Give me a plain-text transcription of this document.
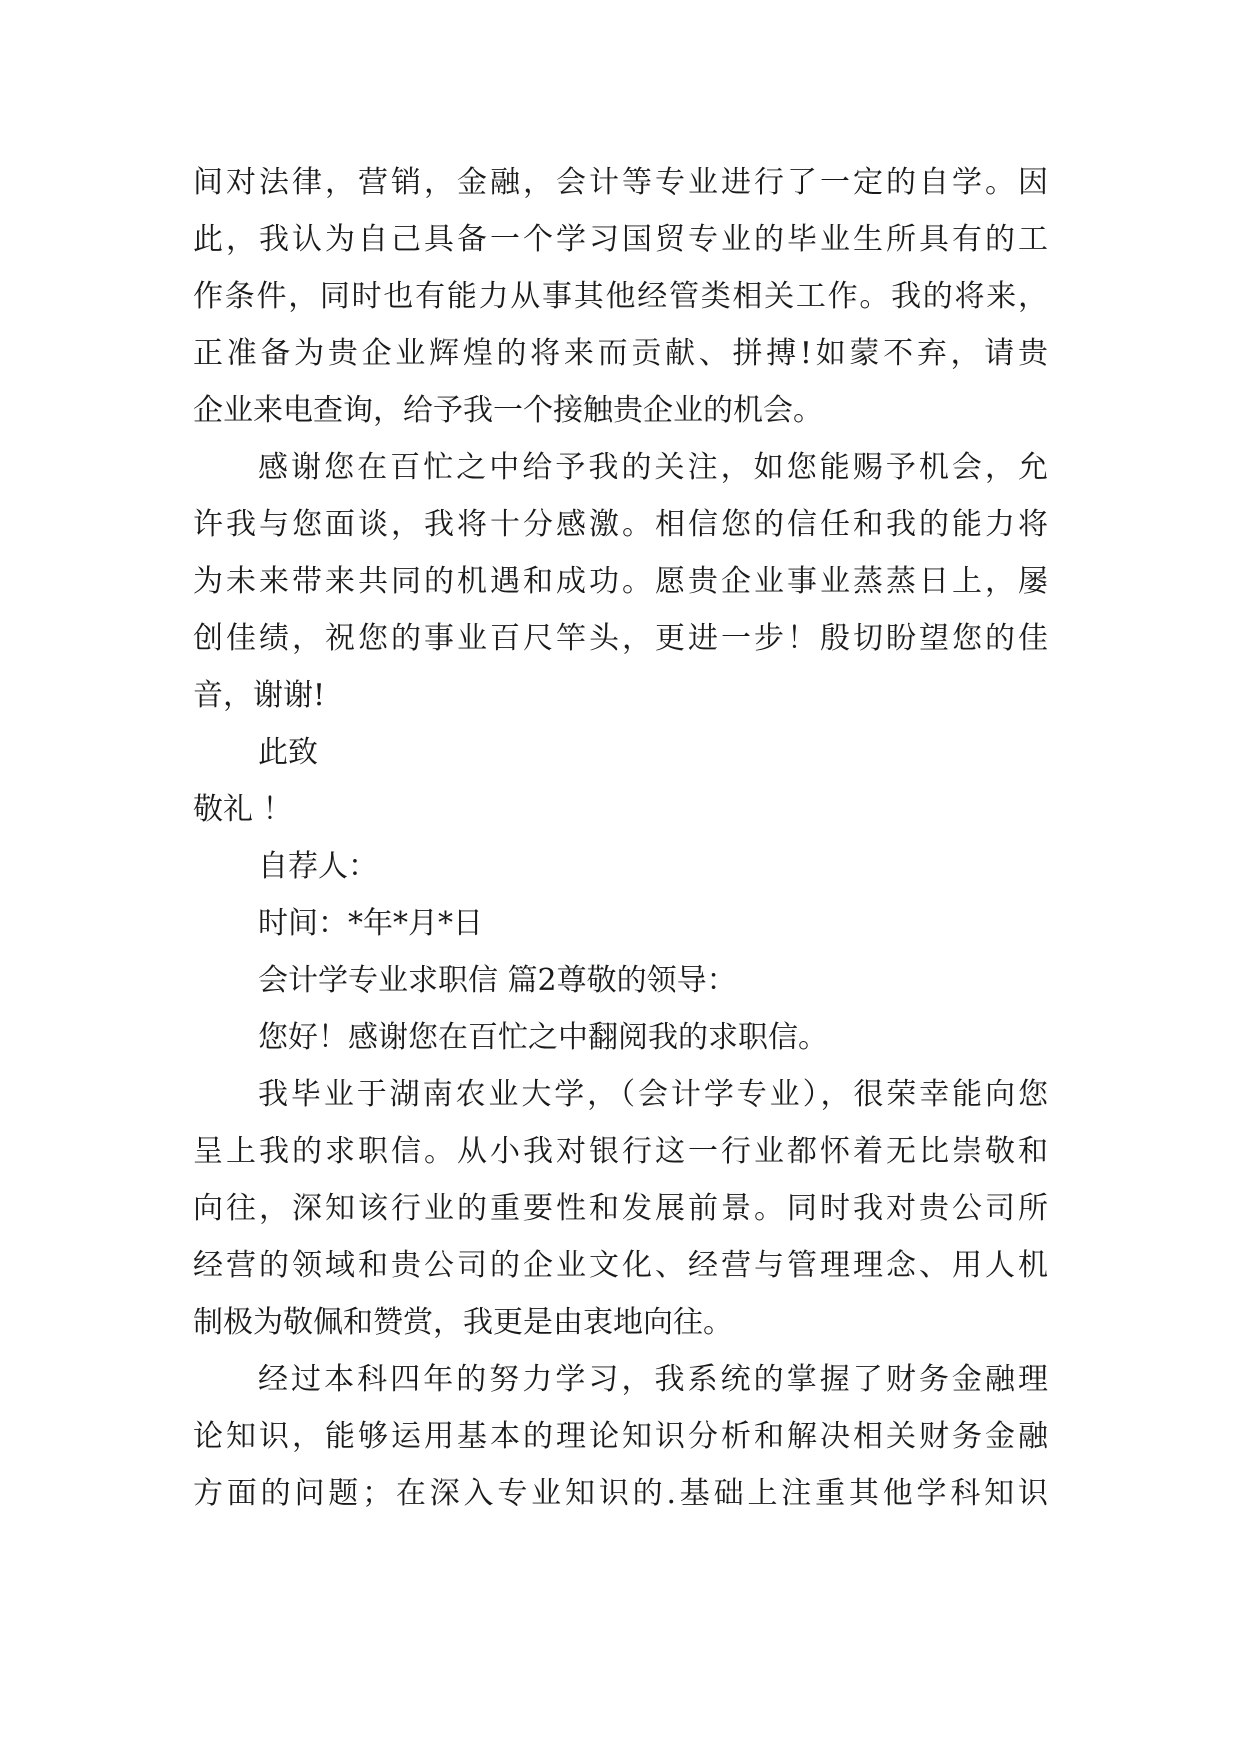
间对法律，营销，金融，会计等专业进行了一定的自学。因
此，我认为自己具备一个学习国贸专业的毕业生所具有的工
作条件，同时也有能力从事其他经管类相关工作。我的将来，
正准备为贵企业辉煌的将来而贡献、拼搏!如蒙不弃，请贵
企业来电查询，给予我一个接触贵企业的机会。
感谢您在百忙之中给予我的关注，如您能赐予机会，允
许我与您面谈，我将十分感激。相信您的信任和我的能力将
为未来带来共同的机遇和成功。愿贵企业事业蒸蒸日上，屡
创佳绩，祝您的事业百尺竿头，更进一步！殷切盼望您的佳
音，谢谢!
此致
敬礼 ！
自荐人：
时间：*年*月*日
会计学专业求职信 篇2尊敬的领导：
您好！感谢您在百忙之中翻阅我的求职信。
我毕业于湖南农业大学，（会计学专业），很荣幸能向您
呈上我的求职信。从小我对银行这一行业都怀着无比崇敬和
向往，深知该行业的重要性和发展前景。同时我对贵公司所
经营的领域和贵公司的企业文化、经营与管理理念、用人机
制极为敬佩和赞赏，我更是由衷地向往。
经过本科四年的努力学习，我系统的掌握了财务金融理
论知识，能够运用基本的理论知识分析和解决相关财务金融
方面的问题；在深入专业知识的.基础上注重其他学科知识
